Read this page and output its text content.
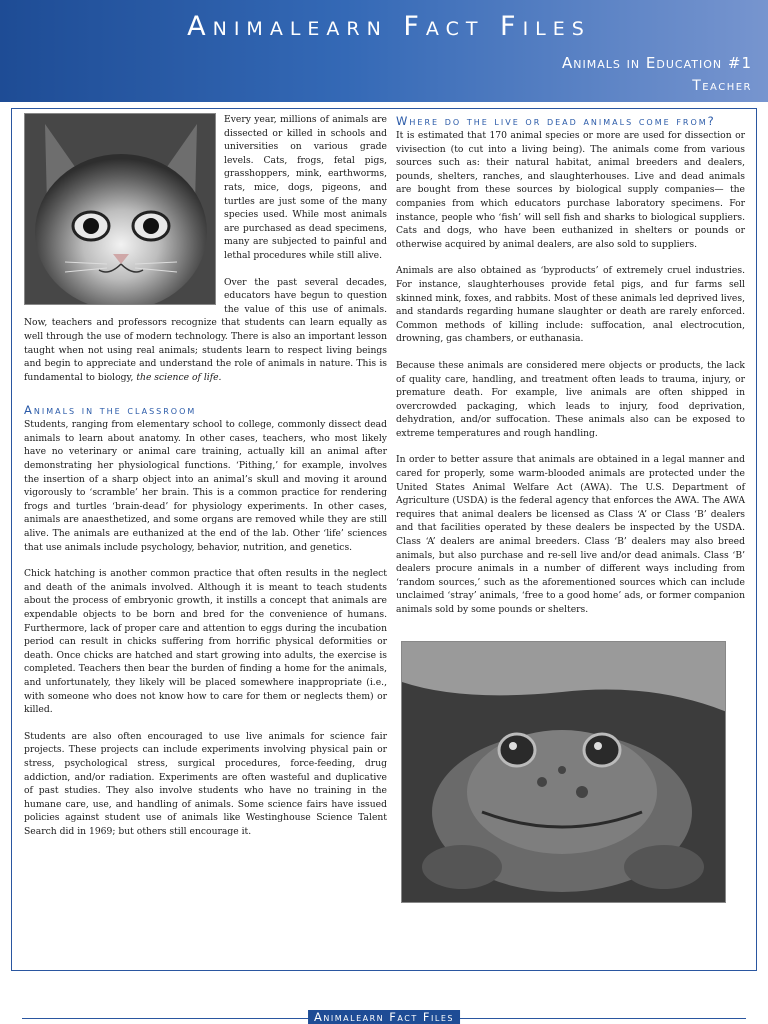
Animalearn Fact Files
Animals in Education #1
Teacher

Every year, millions of animals are dissected or killed in schools and universities on various grade levels. Cats, frogs, fetal pigs, grasshoppers, mink, earthworms, rats, mice, dogs, pigeons, and turtles are just some of the many species used. While most animals are purchased as dead specimens, many are subjected to painful and lethal procedures while still alive.

Over the past several decades, educators have begun to question the value of this use of animals. Now, teachers and professors recognize that students can learn equally as well through the use of modern technology. There is also an important lesson taught when not using real animals; students learn to respect living beings and begin to appreciate and understand the role of animals in nature. This is fundamental to biology, the science of life.

Animals in the classroom

Students, ranging from elementary school to college, commonly dissect dead animals to learn about anatomy. In other cases, teachers, who most likely have no veterinary or animal care training, actually kill an animal after demonstrating her physiological functions. ‘Pithing,’ for example, involves the insertion of a sharp object into an animal’s skull and moving it around vigorously to ‘scramble’ her brain. This is a common practice for rendering frogs and turtles ‘brain-dead’ for physiology experiments. In other cases, animals are anaesthetized, and some organs are removed while they are still alive. The animals are euthanized at the end of the lab. Other ‘life’ sciences that use animals include psychology, behavior, nutrition, and genetics.

Chick hatching is another common practice that often results in the neglect and death of the animals involved. Although it is meant to teach students about the process of embryonic growth, it instills a concept that animals are expendable objects to be born and bred for the convenience of humans. Furthermore, lack of proper care and attention to eggs during the incubation period can result in chicks suffering from horrific physical deformities or death. Once chicks are hatched and start growing into adults, the exercise is completed. Teachers then bear the burden of finding a home for the animals, and unfortunately, they likely will be placed somewhere inappropriate (i.e., with someone who does not know how to care for them or neglects them) or killed.

Students are also often encouraged to use live animals for science fair projects. These projects can include experiments involving physical pain or stress, psychological stress, surgical procedures, force-feeding, drug addiction, and/or radiation. Experiments are often wasteful and duplicative of past studies. They also involve students who have no training in the humane care, use, and handling of animals. Some science fairs have issued policies against student use of animals like Westinghouse Science Talent Search did in 1969; but others still encourage it.

Where do the live or dead animals come from?

It is estimated that 170 animal species or more are used for dissection or vivisection (to cut into a living being). The animals come from various sources such as: their natural habitat, animal breeders and dealers, pounds, shelters, ranches, and slaughterhouses. Live and dead animals are bought from these sources by biological supply companies— the companies from which educators purchase laboratory specimens. For instance, people who ‘fish’ will sell fish and sharks to biological suppliers. Cats and dogs, who have been euthanized in shelters or pounds or otherwise acquired by animal dealers, are also sold to suppliers.

Animals are also obtained as ‘byproducts’ of extremely cruel industries. For instance, slaughterhouses provide fetal pigs, and fur farms sell skinned mink, foxes, and rabbits. Most of these animals led deprived lives, and standards regarding humane slaughter or death are rarely enforced. Common methods of killing include: suffocation, anal electrocution, drowning, gas chambers, or euthanasia.

Because these animals are considered mere objects or products, the lack of quality care, handling, and treatment often leads to trauma, injury, or premature death. For example, live animals are often shipped in overcrowded packaging, which leads to injury, food deprivation, dehydration, and/or suffocation. These animals also can be exposed to extreme temperatures and rough handling.

In order to better assure that animals are obtained in a legal manner and cared for properly, some warm-blooded animals are protected under the United States Animal Welfare Act (AWA). The U.S. Department of Agriculture (USDA) is the federal agency that enforces the AWA. The AWA requires that animal dealers be licensed as Class ‘A’ or Class ‘B’ dealers and that facilities operated by these dealers be inspected by the USDA. Class ‘A’ dealers are animal breeders. Class ‘B’ dealers may also breed animals, but also purchase and re-sell live and/or dead animals. Class ‘B’ dealers procure animals in a number of different ways including from ‘random sources,’ such as the aforementioned sources which can include unclaimed ‘stray’ animals, ‘free to a good home’ ads, or former companion animals sold by some pounds or shelters.

Animalearn Fact Files
